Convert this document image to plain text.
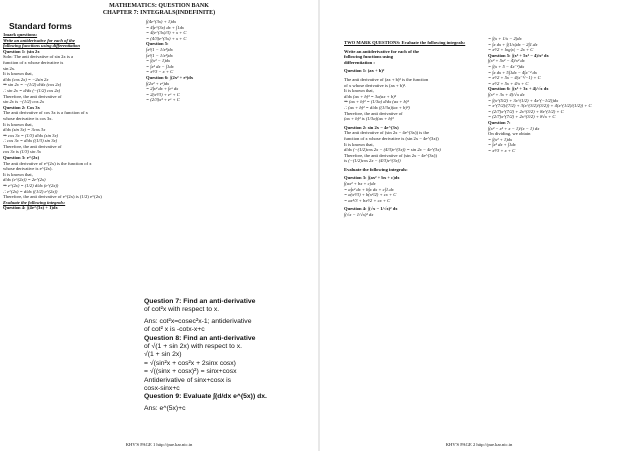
MATHEMATICS: QUESTION BANK
CHAPTER 7: INTEGRALS(INDEFINITE)

Standard forms

1mark questions:

Write an antiderivative for each of the

following functions using differentiation

Question 1: (sin 2x

Soln: The anti derivative of sin 2x is a

function of x whose derivative is

sin 2x.

It is known that,

d/dx (cos 2x) = −2sin 2x

⇒ sin 2x = −(1/2) d/dx (cos 2x)

∴ sin 2x = d/dx (−(1/2) cos 2x)

Therefore, the anti derivative of

sin 2x is −(1/2) cos 2x

Question 2: Cos 3x

The anti derivative of cos 3x is a function of x

whose derivative is cos 3x.

It is known that,

d/dx (sin 3x) = 3cos 3x

⇒ cos 3x = (1/3) d/dx (sin 3x)

∴ cos 3x = d/dx ((1/3) sin 3x)

Therefore, the anti derivative of

cos 3x is (1/3) sin 3x

Question 3: e^(2x)

The anti derivative of e^(2x) is the function of x

whose derivative is e^(2x).

It is known that,

d/dx (e^(2x)) = 2e^(2x)

⇒ e^(2x) = (1/2) d/dx (e^(2x))

∴ e^(2x) = d/dx ((1/2) e^(2x))

Therefore, the anti derivative of e^(2x) is (1/2) e^(2x)

Evaluate the following integrals:

Question 4: ∫(4e^(3x) + 1)dx

∫(4e^(3x) + 1)dx

= 4∫e^(3x) dx + ∫1dx

= 4(e^(3x)/3) + x + C

= (4/3)e^(3x) + x + C

Question 5:

∫x²(1 − 1/x²)dx

∫x²(1 − 1/x²)dx

= ∫(x² − 1)dx

= ∫x² dx − ∫1dx

= x³/3 − x + C

Question 6: ∫(2x² + eˣ)dx

∫(2x² + eˣ)dx

= 2∫x² dx + ∫eˣ dx

= 2(x³/3) + eˣ + C

= (2/3)x³ + eˣ + C

Question 7: Find an anti-derivative

of cot²x with respect to x.

Ans: cot²x=cosec²x-1; antiderivative

of cot² x is -cotx-x+c

Question 8: Find an anti-derivative

of √(1 + sin 2x) with respect to x.

√(1 + sin 2x)

= √(sin²x + cos²x + 2sinx cosx)

= √((sinx + cosx)²) = sinx+cosx

Antiderivative of sinx+cosx is

cosx-sinx+c

Question 9: Evaluate ∫(d/dx e^(5x)) dx.

Ans: e^(5x)+c

KHV'S PAGE 1 http://pue.kar.nic.in

TWO MARK QUESTIONS: Evaluate the following integrals:

Write an antiderivative for each of the

following functions using

differentiation :

Question 1: (ax + b)²

The anti derivative of (ax + b)² is the function

of x whose derivative is (ax + b)².

It is known that,

d/dx (ax + b)³ = 3a(ax + b)²

⇒ (ax + b)² = (1/3a) d/dx (ax + b)³

∴ (ax + b)² = d/dx ((1/3a)(ax + b)³)

Therefore, the anti derivative of

(ax + b)² is (1/3a)(ax + b)³

Question 2: sin 2x − 4e^(3x)

The anti derivative of (sin 2x − 4e^(3x)) is the

function of x whose derivative is (sin 2x − 4e^(3x))

It is known that,

d/dx (−(1/2)cos 2x − (4/3)e^(3x)) = sin 2x − 4e^(3x)

Therefore, the anti derivative of (sin 2x − 4e^(3x))

is (−(1/2)cos 2x − (4/3)e^(3x))

Evaluate the following integrals:

Question 3: ∫(ax² + bx + c)dx

∫(ax² + bx + c)dx

= a∫x² dx + b∫x dx + c∫1.dx

= a(x³/3) + b(x²/2) + cx + C

= ax³/3 + bx²/2 + cx + C

Question 4: ∫(√x − 1/√x)² dx

∫(√x − 1/√x)² dx

= ∫(x + 1/x − 2)dx

= ∫x dx + ∫(1/x)dx − 2∫1.dx

= x²/2 + log|x| − 2x + C

Question 5: ∫(x³ + 5x² − 4)/x² dx

∫(x³ + 5x² − 4)/x² dx

= ∫(x + 5 − 4x⁻²)dx

= ∫x dx + 5∫1dx − 4∫x⁻² dx

= x²/2 + 5x − 4(x⁻¹/−1) + C

= x²/2 + 5x + 4/x + C

Question 6: ∫(x³ + 3x + 4)/√x dx

∫(x³ + 3x + 4)/√x dx

= ∫(x^(5/2) + 3x^(1/2) + 4x^(−1/2))dx

= x^(7/2)/(7/2) + 3(x^(3/2)/(3/2)) + 4(x^(1/2)/(1/2)) + C

= (2/7)x^(7/2) + 2x^(3/2) + 8x^(1/2) + C

= (2/7)x^(7/2) + 2x^(3/2) + 8√x + C

Question 7:

∫(x³ − x² + x − 1)/(x − 1) dx

On dividing, we obtain

= ∫(x² + 1)dx

= ∫x² dx + ∫1dx

= x³/3 + x + C

KHV'S PAGE 2 http://pue.kar.nic.in
